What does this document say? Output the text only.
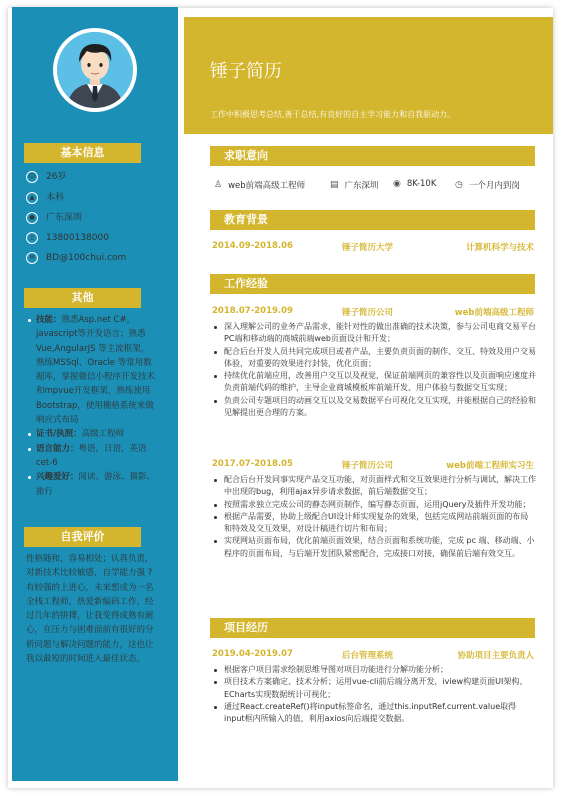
基本信息
☺	26岁
▲	本科
●	广东深圳
▯	13800138000
✉	BD@100chui.com
其他
技能：熟悉Asp.net C#，javascript等开发语言；熟悉Vue,AngularJS 等主流框架，熟练MSSql、Oracle 等常用数据库，掌握微信小程序开发技术和mpvue开发框架，熟练使用Bootstrap，使用栅格系统来做响应式布局
证书/执照：高级工程师
语言能力：粤语，日语，英语cet-6
兴趣爱好：阅读、游泳、摄影、旅行
自我评价
性格随和，容易相处；认真负责，对新技术比较敏感，自学能力强 ?有较强的上进心，未来想成为一名全栈工程师，热爱新编码工作，经过几年的拼搏，让我变得成熟有耐心，在压力与困难面前有很好的分析问题与解决问题的能力，这也让我以最短的时间进入最佳状态。
锤子简历
工作中积极思考总结,善于总结,有良好的自主学习能力和自我驱动力。
求职意向
♙ web前端高级工程师	▤ 广东深圳 ◉ 8K-10K ◷ 一个月内到岗
教育背景
2014.09-2018.06	锤子简历大学	计算机科学与技术
工作经验
2018.07-2019.09	锤子简历公司	web前端高级工程师
深入理解公司的业务产品需求，能针对性的做出准确的技术决策，参与公司电商交易平台PC端和移动端的商城前端web页面设计和开发；
配合后台开发人员共同完成项目或者产品，主要负责页面的制作、交互、特效及用户交易体验，对重要的效果进行封装，优化页面；
持续优化前端应用，改善用户交互以及视觉，保证前端网页的兼容性以及页面响应速度并负责前端代码的维护，主导企业商城模板库前端开发、用户体验与数据交互实现；
负责公司专题项目的动画交互以及交易数据平台可视化交互实现，并能根据自己的经验和见解提出更合理的方案。
2017.07-2018.05	锤子简历公司	web前端工程师实习生
配合后台开发同事实现产品交互功能，对页面样式和交互效果进行分析与调试，解决工作中出现的bug，利用ajax异步请求数据，前后端数据交互；
按照需求独立完成公司的静态网页制作，编写静态页面，运用jQuery及插件开发功能；
根据产品需要，协助上级配合UI设计师实现复杂的效果，包括完成网站前端页面的布局和特效及交互效果，对设计稿进行切片和布局；
实现网站页面布局，优化前端页面效果，结合页面和系统功能，完成 pc 端、移动端、小程序的页面布局，与后端开发团队紧密配合，完成接口对接，确保前后端有效交互。
项目经历
2019.04-2019.07	后台管理系统	协助项目主要负责人
根据客户项目需求绘制思维导图对项目功能进行分解功能分析；
项目技术方案确定、技术分析；运用vue-cli前后端分离开发，iview构建页面UI架构、ECharts实现数据统计可视化；
通过React.createRef()将input标签命名，通过this.inputRef.current.value取得input框内所输入的值，利用axios向后端提交数据。
